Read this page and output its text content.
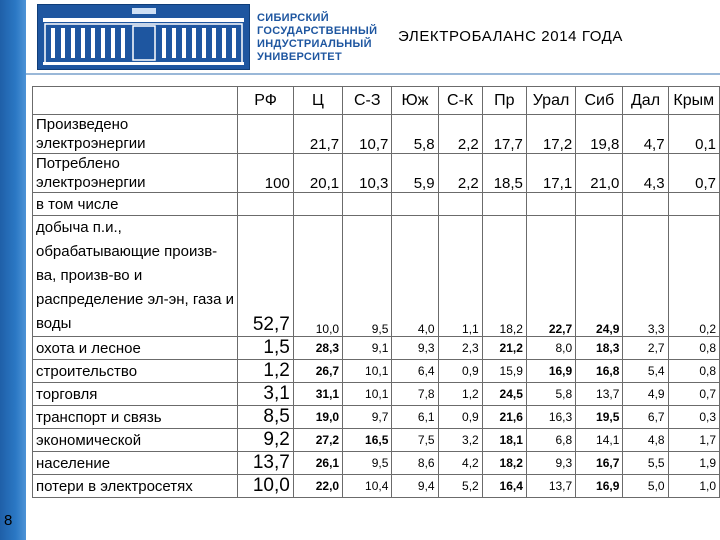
СИБИРСКИЙ
ГОСУДАРСТВЕННЫЙ
ИНДУСТРИАЛЬНЫЙ
УНИВЕРСИТЕТ
ЭЛЕКТРОБАЛАНС 2014 ГОДА
	РФ	Ц	С-З	Юж	С-К	Пр	Урал	Сиб	Дал	Крым
Произведено
электроэнергии		21,7	10,7	5,8	2,2	17,7	17,2	19,8	4,7	0,1
Потреблено
электроэнергии	100	20,1	10,3	5,9	2,2	18,5	17,1	21,0	4,3	0,7
в том числе										
добыча п.и., обрабатывающие произв-ва, произв-во и распределение эл-эн, газа и воды	52,7	10,0	9,5	4,0	1,1	18,2	22,7	24,9	3,3	0,2
охота и лесное	1,5	28,3	9,1	9,3	2,3	21,2	8,0	18,3	2,7	0,8
строительство	1,2	26,7	10,1	6,4	0,9	15,9	16,9	16,8	5,4	0,8
торговля	3,1	31,1	10,1	7,8	1,2	24,5	5,8	13,7	4,9	0,7
транспорт и связь	8,5	19,0	9,7	6,1	0,9	21,6	16,3	19,5	6,7	0,3
экономической	9,2	27,2	16,5	7,5	3,2	18,1	6,8	14,1	4,8	1,7
население	13,7	26,1	9,5	8,6	4,2	18,2	9,3	16,7	5,5	1,9
потери в электросетях	10,0	22,0	10,4	9,4	5,2	16,4	13,7	16,9	5,0	1,0
8
